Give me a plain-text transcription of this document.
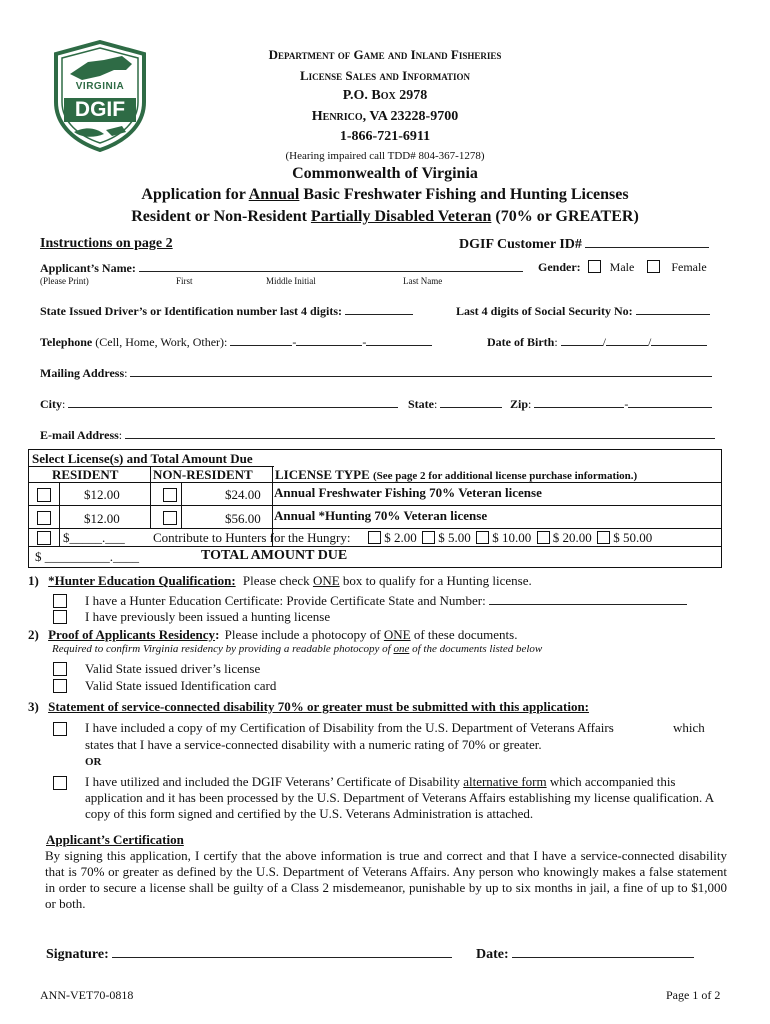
VIRGINIA
DGIF
Department of Game and Inland Fisheries
License Sales and Information
P.O. Box 2978
Henrico, VA 23228-9700
1-866-721-6911
(Hearing impaired call TDD# 804-367-1278)
Commonwealth of Virginia
Application for Annual Basic Freshwater Fishing and Hunting Licenses
Resident or Non-Resident Partially Disabled Veteran (70% or GREATER)
Instructions on page 2	DGIF Customer ID#
Applicant’s Name:
(Please Print)	First	Middle Initial	Last Name
Gender: Male	Female
State Issued Driver’s or Identification number last 4 digits:	Last 4 digits of Social Security No:
Telephone (Cell, Home, Work, Other):	-	-	Date of Birth:	/	/
Mailing Address:
City:	State:	Zip:	-
E-mail Address:
Select License(s) and Total Amount Due
RESIDENT	NON-RESIDENT LICENSE TYPE (See page 2 for additional license purchase information.)
$12.00	$24.00 Annual Freshwater Fishing 70% Veteran license
$12.00	$56.00 Annual *Hunting 70% Veteran license
$_____.___ Contribute to Hunters for the Hungry:	$ 2.00 $ 5.00 $ 10.00 $ 20.00 $ 50.00
$ __________.____	TOTAL AMOUNT DUE
1) *Hunter Education Qualification: Please check ONE box to qualify for a Hunting license.
I have a Hunter Education Certificate: Provide Certificate State and Number:
I have previously been issued a hunting license
2) Proof of Applicants Residency: Please include a photocopy of ONE of these documents.
Required to confirm Virginia residency by providing a readable photocopy of one of the documents listed below
Valid State issued driver’s license
Valid State issued Identification card
3) Statement of service-connected disability 70% or greater must be submitted with this application:
I have included a copy of my Certification of Disability from the U.S. Department of Veterans Affairs	which
states that I have a service-connected disability with a numeric rating of 70% or greater.
OR
I have utilized and included the DGIF Veterans’ Certificate of Disability alternative form which accompanied this application and it has been processed by the U.S. Department of Veterans Affairs establishing my license qualification. A copy of this form signed and certified by the U.S. Veterans Administration is attached.
Applicant’s Certification
By signing this application, I certify that the above information is true and correct and that I have a service-connected disability that is 70% or greater as defined by the U.S. Department of Veterans Affairs. Any person who knowingly makes a false statement in order to secure a license shall be guilty of a Class 2 misdemeanor, punishable by up to six months in jail, a fine of up to $1,000 or both.
Signature:	Date:
ANN-VET70-0818	Page 1 of 2
